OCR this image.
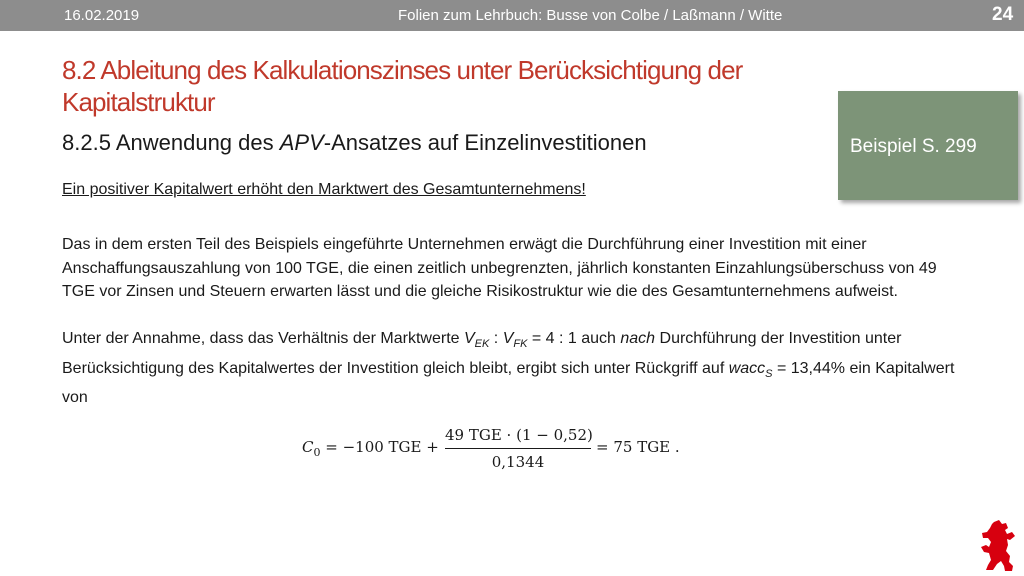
16.02.2019	Folien zum Lehrbuch: Busse von Colbe / Laßmann / Witte	24
8.2 Ableitung des Kalkulationszinses unter Berücksichtigung der Kapitalstruktur
8.2.5 Anwendung des APV-Ansatzes auf Einzelinvestitionen	Beispiel S. 299
Ein positiver Kapitalwert erhöht den Marktwert des Gesamtunternehmens!
Das in dem ersten Teil des Beispiels eingeführte Unternehmen erwägt die Durchführung einer Investition mit einer Anschaffungsauszahlung von 100 TGE, die einen zeitlich unbegrenzten, jährlich konstanten Einzahlungsüberschuss von 49 TGE vor Zinsen und Steuern erwarten lässt und die gleiche Risikostruktur wie die des Gesamtunternehmens aufweist.
Unter der Annahme, dass das Verhältnis der Marktwerte $V_{EK}$ : $V_{FK} = 4$ : 1 auch nach Durchführung der Investition unter Berücksichtigung des Kapitalwertes der Investition gleich bleibt, ergibt sich unter Rückgriff auf wacc$_S$ = 13,44% ein Kapitalwert von
$C_0 = -100$ TGE +
49 TGE · (1 − 0,52)
0,1344
= 75 TGE .
